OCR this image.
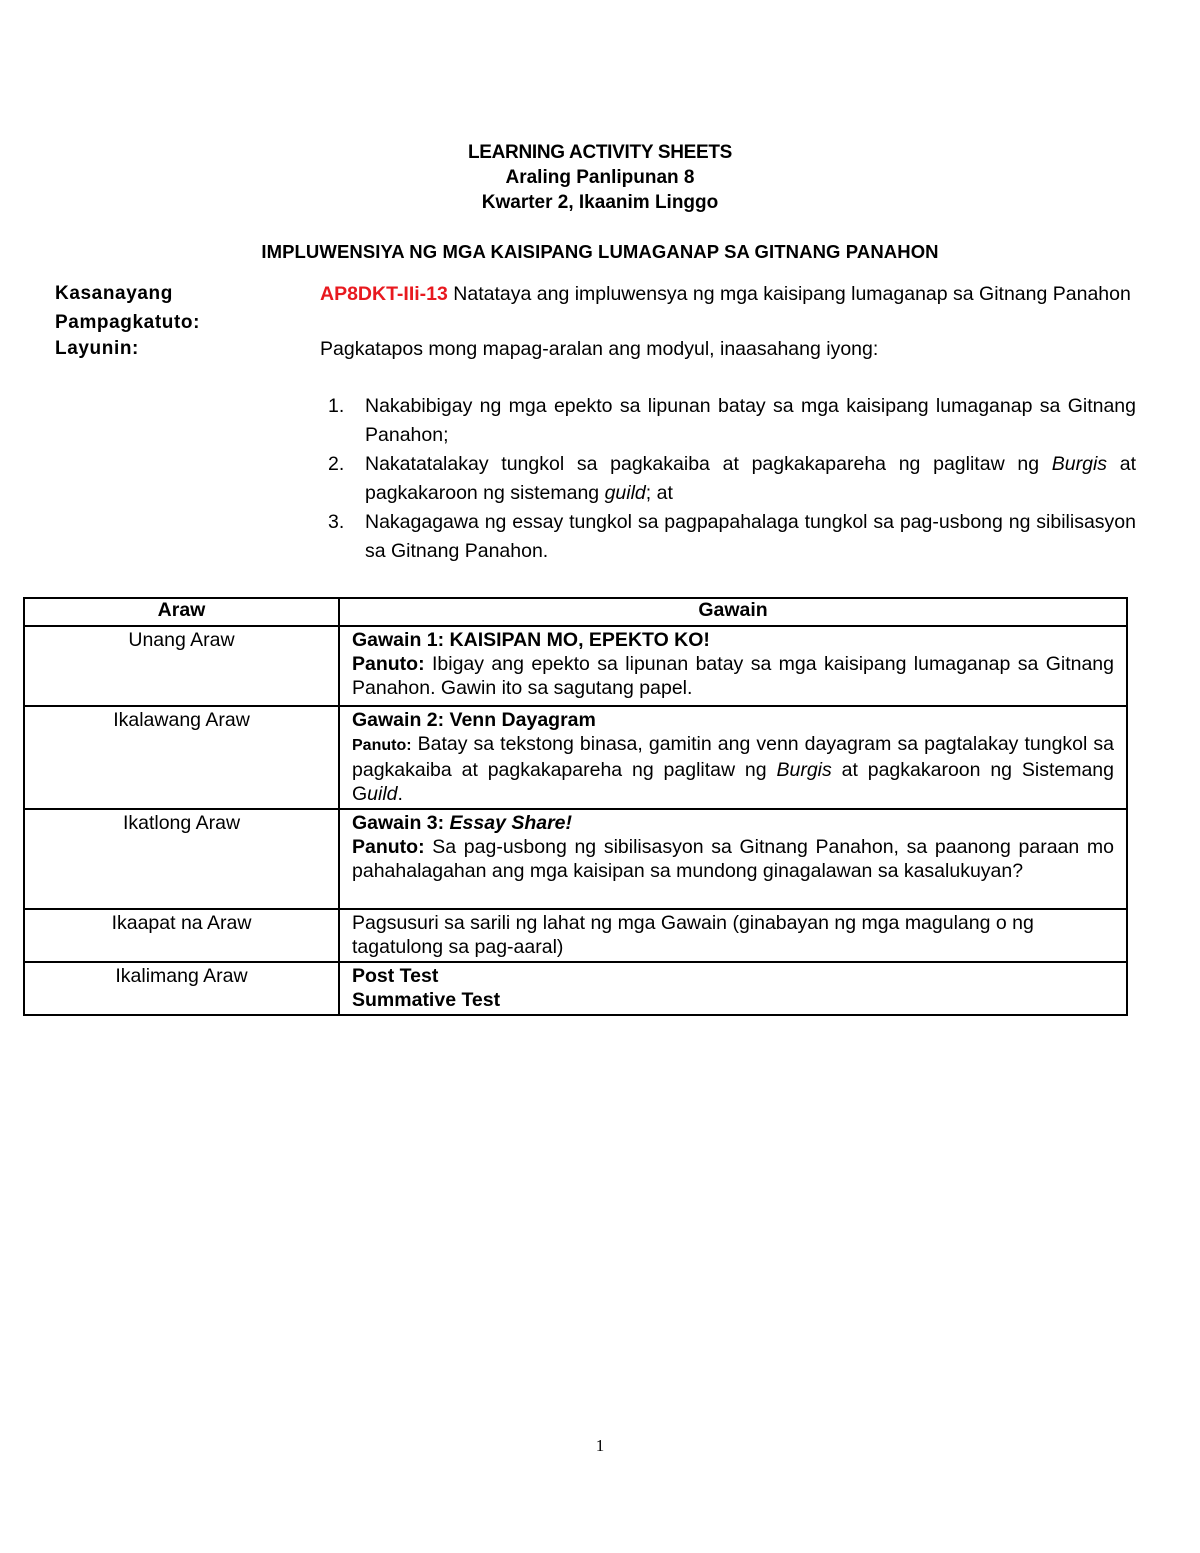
LEARNING ACTIVITY SHEETS
Araling Panlipunan 8
Kwarter 2, Ikaanim Linggo
IMPLUWENSIYA NG MGA KAISIPANG LUMAGANAP SA GITNANG PANAHON
Kasanayang
Pampagkatuto:
AP8DKT-IIi-13 Natataya ang impluwensya ng mga kaisipang lumaganap sa Gitnang Panahon
Layunin:	Pagkatapos mong mapag-aralan ang modyul, inaasahang iyong:
1. Nakabibigay ng mga epekto sa lipunan batay sa mga kaisipang lumaganap sa Gitnang Panahon;
2. Nakatatalakay tungkol sa pagkakaiba at pagkakapareha ng paglitaw ng Burgis at pagkakaroon ng sistemang guild; at
3. Nakagagawa ng essay tungkol sa pagpapahalaga tungkol sa pag-usbong ng sibilisasyon sa Gitnang Panahon.
Araw	Gawain
Unang Araw	Gawain 1: KAISIPAN MO, EPEKTO KO!
Panuto: Ibigay ang epekto sa lipunan batay sa mga kaisipang lumaganap sa Gitnang Panahon. Gawin ito sa sagutang papel.

Ikalawang Araw	Gawain 2: Venn Dayagram
Panuto: Batay sa tekstong binasa, gamitin ang venn dayagram sa pagtalakay tungkol sa pagkakaiba at pagkakapareha ng paglitaw ng Burgis at pagkakaroon ng Sistemang Guild.

Ikatlong Araw	Gawain 3: Essay Share!
Panuto: Sa pag-usbong ng sibilisasyon sa Gitnang Panahon, sa paanong paraan mo pahahalagahan ang mga kaisipan sa mundong ginagalawan sa kasalukuyan?

Ikaapat na Araw	Pagsusuri sa sarili ng lahat ng mga Gawain (ginabayan ng mga magulang o ng tagatulong sa pag-aaral)

Ikalimang Araw	Post Test
Summative Test
1
